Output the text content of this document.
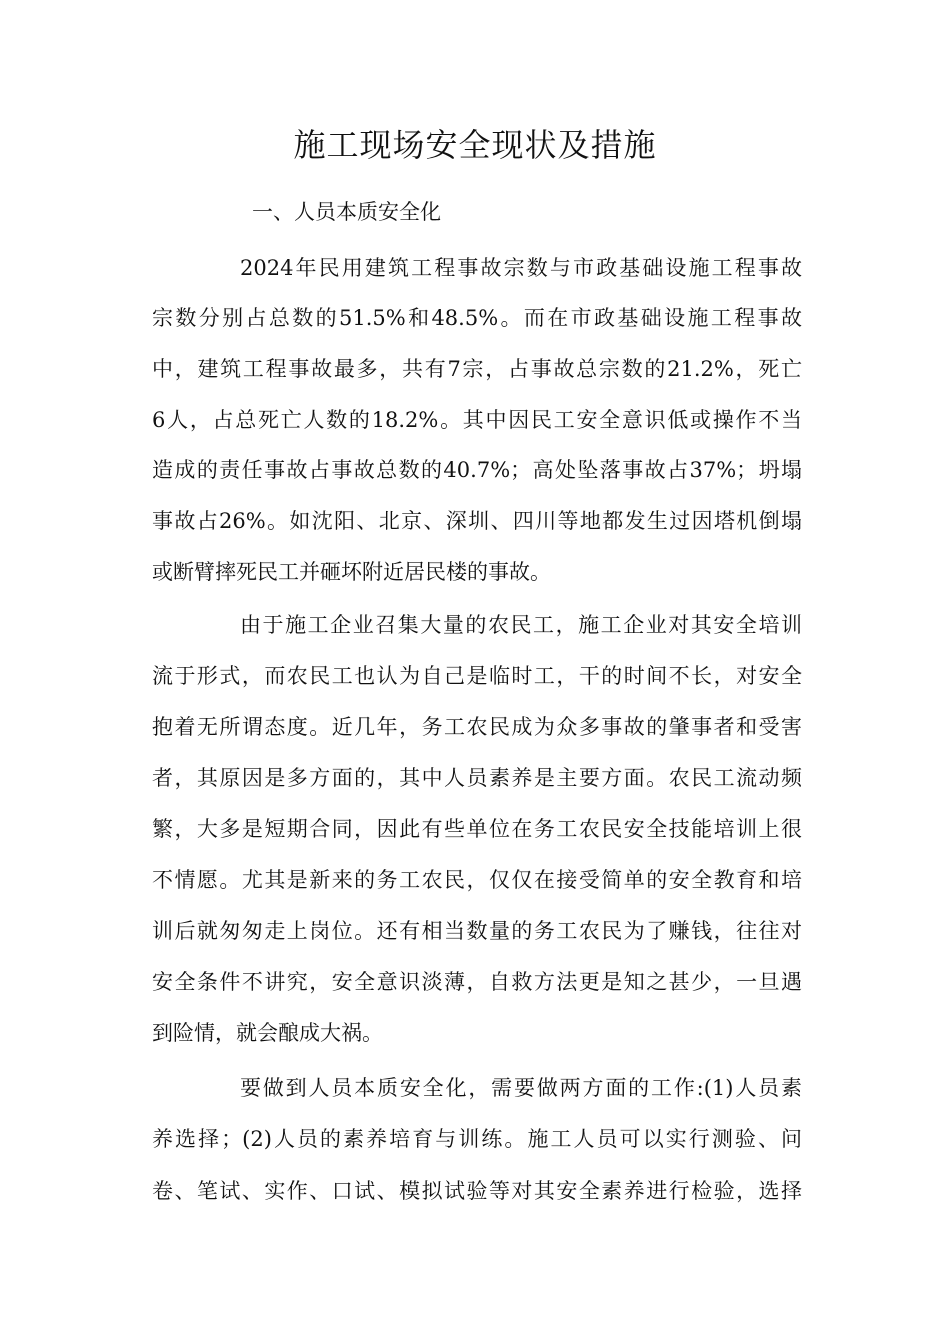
施工现场安全现状及措施
一、人员本质安全化

2024年民用建筑工程事故宗数与市政基础设施工程事故

宗数分别占总数的51.5%和48.5%。而在市政基础设施工程事故

中，建筑工程事故最多，共有7宗，占事故总宗数的21.2%，死亡

6人，占总死亡人数的18.2%。其中因民工安全意识低或操作不当

造成的责任事故占事故总数的40.7%；高处坠落事故占37%；坍塌

事故占26%。如沈阳、北京、深圳、四川等地都发生过因塔机倒塌

或断臂摔死民工并砸坏附近居民楼的事故。

由于施工企业召集大量的农民工，施工企业对其安全培训

流于形式，而农民工也认为自己是临时工，干的时间不长，对安全

抱着无所谓态度。近几年，务工农民成为众多事故的肇事者和受害

者，其原因是多方面的，其中人员素养是主要方面。农民工流动频

繁，大多是短期合同，因此有些单位在务工农民安全技能培训上很

不情愿。尤其是新来的务工农民，仅仅在接受简单的安全教育和培

训后就匆匆走上岗位。还有相当数量的务工农民为了赚钱，往往对

安全条件不讲究，安全意识淡薄，自救方法更是知之甚少，一旦遇

到险情，就会酿成大祸。

要做到人员本质安全化，需要做两方面的工作:(1)人员素

养选择；(2)人员的素养培育与训练。施工人员可以实行测验、问

卷、笔试、实作、口试、模拟试验等对其安全素养进行检验，选择
